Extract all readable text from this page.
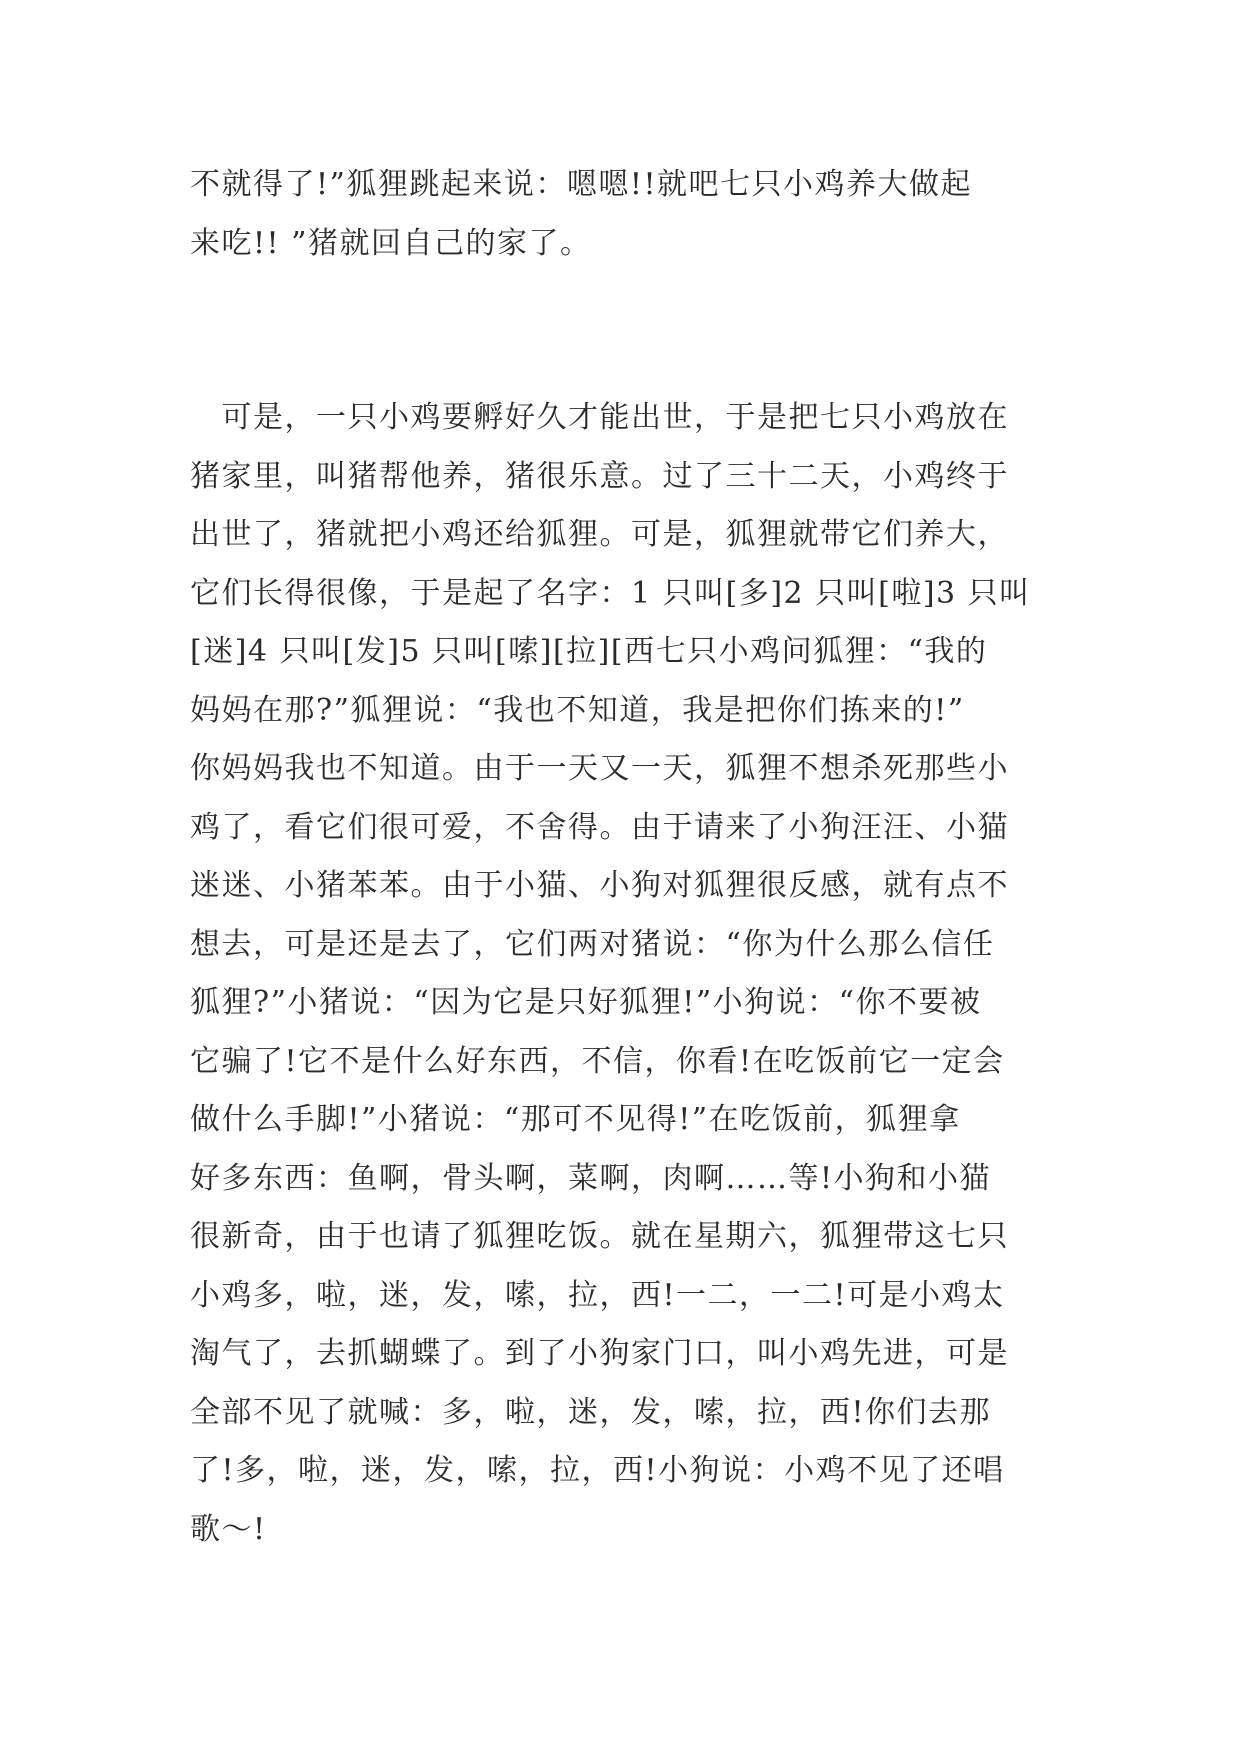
不就得了!”狐狸跳起来说：嗯嗯!!就吧七只小鸡养大做起
来吃!! ”猪就回自己的家了。
　可是，一只小鸡要孵好久才能出世，于是把七只小鸡放在
猪家里，叫猪帮他养，猪很乐意。过了三十二天，小鸡终于
出世了，猪就把小鸡还给狐狸。可是，狐狸就带它们养大，
它们长得很像，于是起了名字：1 只叫[多]2 只叫[啦]3 只叫
[迷]4 只叫[发]5 只叫[嗦][拉][西七只小鸡问狐狸：“我的
妈妈在那?”狐狸说：“我也不知道，我是把你们拣来的!”
你妈妈我也不知道。由于一天又一天，狐狸不想杀死那些小
鸡了，看它们很可爱，不舍得。由于请来了小狗汪汪、小猫
迷迷、小猪苯苯。由于小猫、小狗对狐狸很反感，就有点不
想去，可是还是去了，它们两对猪说：“你为什么那么信任
狐狸?”小猪说：“因为它是只好狐狸!”小狗说：“你不要被
它骗了!它不是什么好东西，不信，你看!在吃饭前它一定会
做什么手脚!”小猪说：“那可不见得!”在吃饭前，狐狸拿
好多东西：鱼啊，骨头啊，菜啊，肉啊……等!小狗和小猫
很新奇，由于也请了狐狸吃饭。就在星期六，狐狸带这七只
小鸡多，啦，迷，发，嗦，拉，西!一二，一二!可是小鸡太
淘气了，去抓蝴蝶了。到了小狗家门口，叫小鸡先进，可是
全部不见了就喊：多，啦，迷，发，嗦，拉，西!你们去那
了!多，啦，迷，发，嗦，拉，西!小狗说：小鸡不见了还唱
歌～!
